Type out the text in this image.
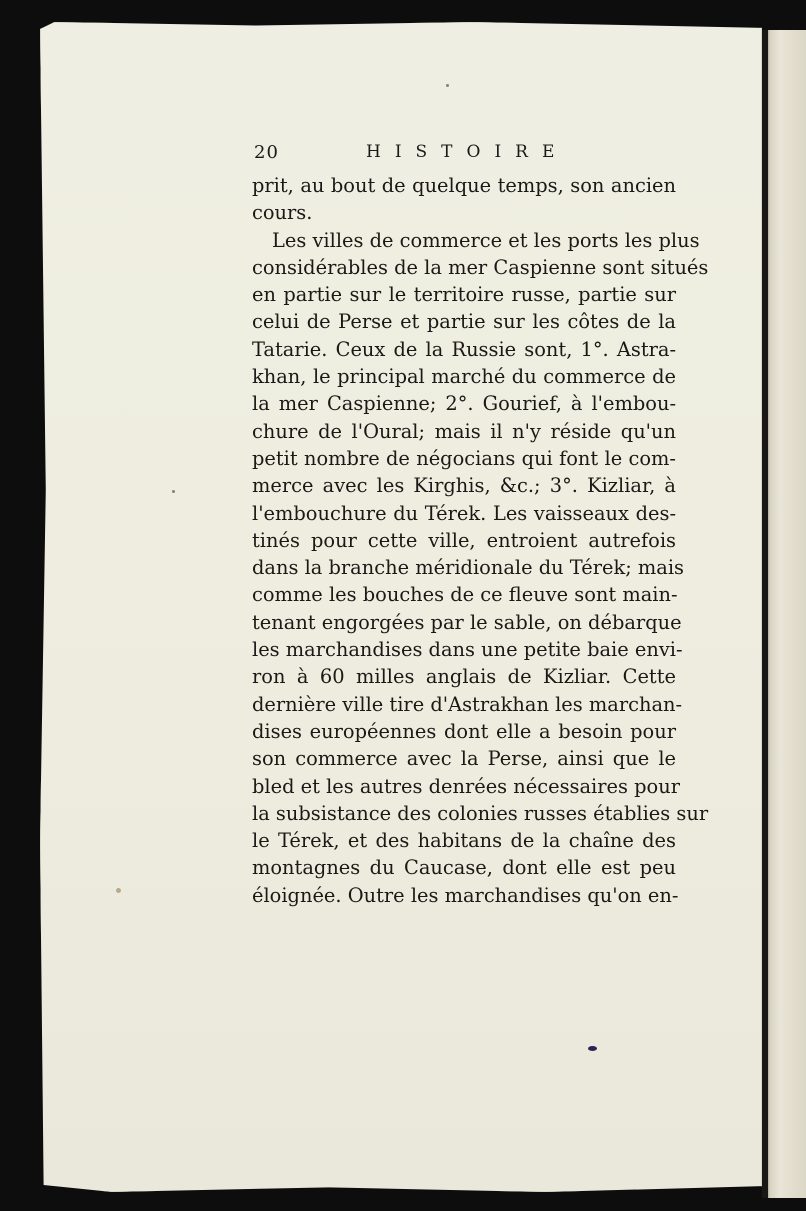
20	HISTOIRE
prit, au bout de quelque temps, son ancien
cours.
Les villes de commerce et les ports les plus
considérables de la mer Caspienne sont situés
en partie sur le territoire russe, partie sur
celui de Perse et partie sur les côtes de la
Tatarie. Ceux de la Russie sont, 1°. Astra-
khan, le principal marché du commerce de
la mer Caspienne; 2°. Gourief, à l'embou-
chure de l'Oural; mais il n'y réside qu'un
petit nombre de négocians qui font le com-
merce avec les Kirghis, &c.; 3°. Kizliar, à
l'embouchure du Térek. Les vaisseaux des-
tinés pour cette ville, entroient autrefois
dans la branche méridionale du Térek; mais
comme les bouches de ce fleuve sont main-
tenant engorgées par le sable, on débarque
les marchandises dans une petite baie envi-
ron à 60 milles anglais de Kizliar. Cette
dernière ville tire d'Astrakhan les marchan-
dises européennes dont elle a besoin pour
son commerce avec la Perse, ainsi que le
bled et les autres denrées nécessaires pour
la subsistance des colonies russes établies sur
le Térek, et des habitans de la chaîne des
montagnes du Caucase, dont elle est peu
éloignée. Outre les marchandises qu'on en-
